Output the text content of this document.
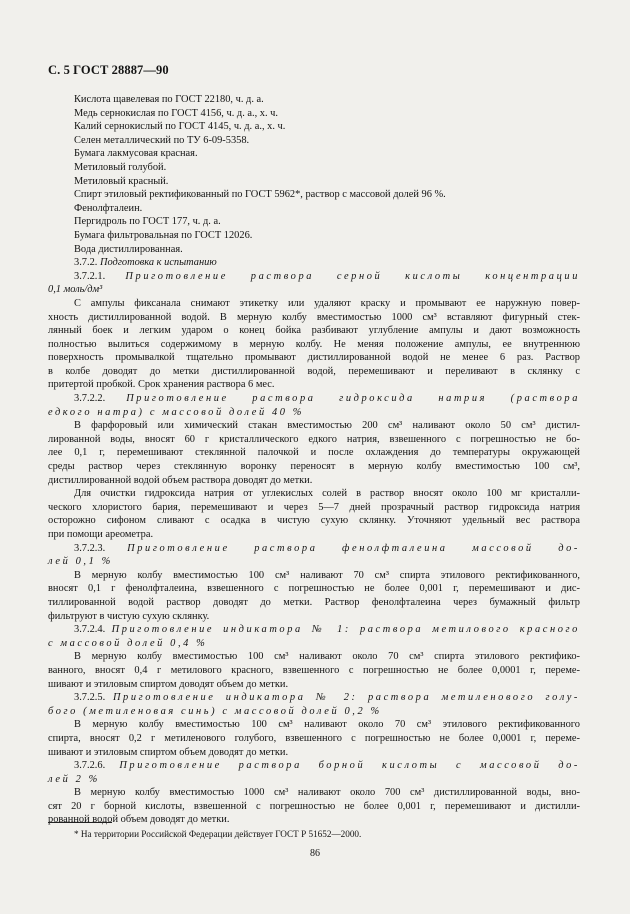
С. 5 ГОСТ 28887—90
Кислота щавелевая по ГОСТ 22180, ч. д. а.
Медь сернокислая по ГОСТ 4156, ч. д. а., х. ч.
Калий сернокислый по ГОСТ 4145, ч. д. а., х. ч.
Селен металлический по ТУ 6-09-5358.
Бумага лакмусовая красная.
Метиловый голубой.
Метиловый красный.
Спирт этиловый ректификованный по ГОСТ 5962*, раствор с массовой долей 96 %.
Фенолфталеин.
Пергидроль по ГОСТ 177, ч. д. а.
Бумага фильтровальная по ГОСТ 12026.
Вода дистиллированная.
3.7.2. Подготовка к испытанию
3.7.2.1. Приготовление раствора серной кислоты концентрации
0,1 моль/дм³
С ампулы фиксанала снимают этикетку или удаляют краску и промывают ее наружную повер-
хность дистиллированной водой. В мерную колбу вместимостью 1000 см³ вставляют фигурный стек-
лянный боек и легким ударом о конец бойка разбивают углубление ампулы и дают возможность
полностью вылиться содержимому в мерную колбу. Не меняя положение ампулы, ее внутреннюю
поверхность промывалкой тщательно промывают дистиллированной водой не менее 6 раз. Раствор
в колбе доводят до метки дистиллированной водой, перемешивают и переливают в склянку с
притертой пробкой. Срок хранения раствора 6 мес.
3.7.2.2. Приготовление раствора гидроксида натрия (раствора
едкого натра) с массовой долей 40 %
В фарфоровый или химический стакан вместимостью 200 см³ наливают около 50 см³ дистил-
лированной воды, вносят 60 г кристаллического едкого натрия, взвешенного с погрешностью не бо-
лее 0,1 г, перемешивают стеклянной палочкой и после охлаждения до температуры окружающей
среды раствор через стеклянную воронку переносят в мерную колбу вместимостью 100 см³,
дистиллированной водой объем раствора доводят до метки.
Для очистки гидроксида натрия от углекислых солей в раствор вносят около 100 мг кристалли-
ческого хлористого бария, перемешивают и через 5—7 дней прозрачный раствор гидроксида натрия
осторожно сифоном сливают с осадка в чистую сухую склянку. Уточняют удельный вес раствора
при помощи ареометра.
3.7.2.3. Приготовление раствора фенолфталеина массовой до-
лей 0,1 %
В мерную колбу вместимостью 100 см³ наливают 70 см³ спирта этилового ректификованного,
вносят 0,1 г фенолфталеина, взвешенного с погрешностью не более 0,001 г, перемешивают и дис-
тиллированной водой раствор доводят до метки. Раствор фенолфталеина через бумажный фильтр
фильтруют в чистую сухую склянку.
3.7.2.4. Приготовление индикатора № 1: раствора метилового красного
с массовой долей 0,4 %
В мерную колбу вместимостью 100 см³ наливают около 70 см³ спирта этилового ректифико-
ванного, вносят 0,4 г метилового красного, взвешенного с погрешностью не более 0,0001 г, переме-
шивают и этиловым спиртом доводят объем до метки.
3.7.2.5. Приготовление индикатора № 2: раствора метиленового голу-
бого (метиленовая синь) с массовой долей 0,2 %
В мерную колбу вместимостью 100 см³ наливают около 70 см³ этилового ректификованного
спирта, вносят 0,2 г метиленового голубого, взвешенного с погрешностью не более 0,0001 г, переме-
шивают и этиловым спиртом объем доводят до метки.
3.7.2.6. Приготовление раствора борной кислоты с массовой до-
лей 2 %
В мерную колбу вместимостью 1000 см³ наливают около 700 см³ дистиллированной воды, вно-
сят 20 г борной кислоты, взвешенной с погрешностью не более 0,001 г, перемешивают и дистилли-
рованной водой объем доводят до метки.
* На территории Российской Федерации действует ГОСТ Р 51652—2000.
86
